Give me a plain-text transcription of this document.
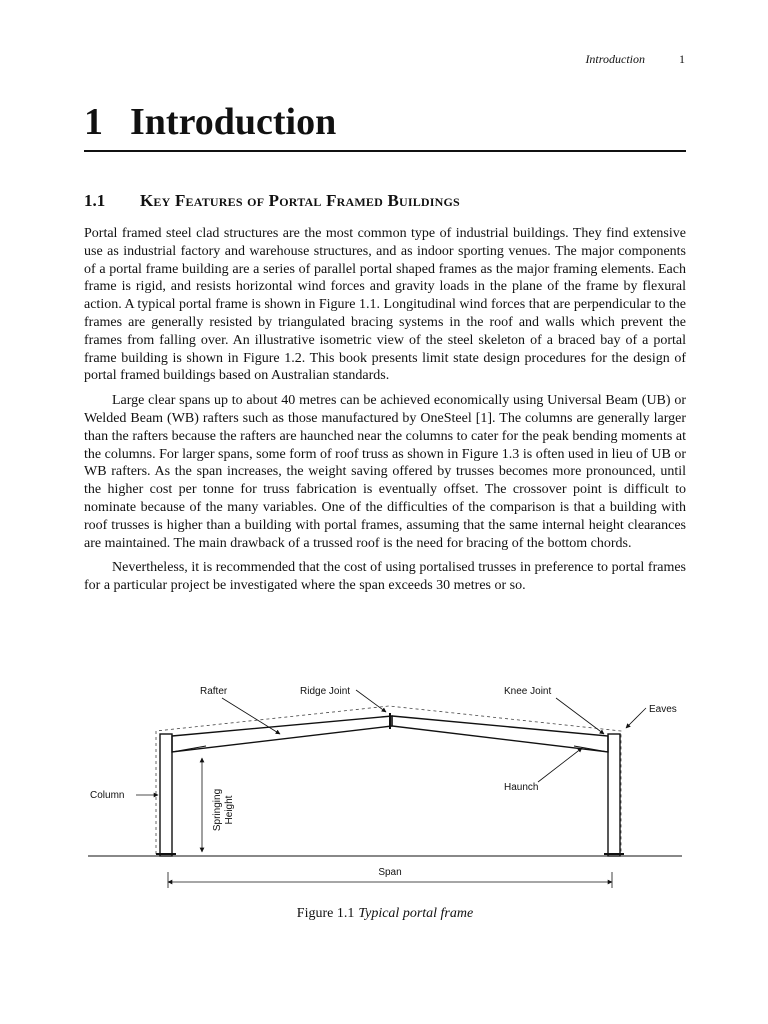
Introduction	1
1 Introduction
1.1 Key Features of Portal Framed Buildings

Portal framed steel clad structures are the most common type of industrial buildings. They find extensive use as industrial factory and warehouse structures, and as indoor sporting venues. The major components of a portal frame building are a series of parallel portal shaped frames as the major framing elements. Each frame is rigid, and resists horizontal wind forces and gravity loads in the plane of the frame by flexural action. A typical portal frame is shown in Figure 1.1. Longitudinal wind forces that are perpendicular to the frames are generally resisted by triangulated bracing systems in the roof and walls which prevent the frames from falling over. An illustrative isometric view of the steel skeleton of a braced bay of a portal frame building is shown in Figure 1.2. This book presents limit state design procedures for the design of portal framed buildings based on Australian standards.

Large clear spans up to about 40 metres can be achieved economically using Universal Beam (UB) or Welded Beam (WB) rafters such as those manufactured by OneSteel [1]. The columns are generally larger than the rafters because the rafters are haunched near the columns to cater for the peak bending moments at the columns. For larger spans, some form of roof truss as shown in Figure 1.3 is often used in lieu of UB or WB rafters. As the span increases, the weight saving offered by trusses becomes more pronounced, until the higher cost per tonne for truss fabrication is eventually offset. The crossover point is difficult to nominate because of the many variables. One of the difficulties of the comparison is that a building with roof trusses is higher than a building with portal frames, assuming that the same internal height clearances are maintained. The main drawback of a trussed roof is the need for bracing of the bottom chords.

Nevertheless, it is recommended that the cost of using portalised trusses in preference to portal frames for a particular project be investigated where the span exceeds 30 metres or so.

Rafter	Ridge Joint	Knee Joint
Eaves
Column	Springing Height
Haunch
Span
Figure 1.1 Typical portal frame
